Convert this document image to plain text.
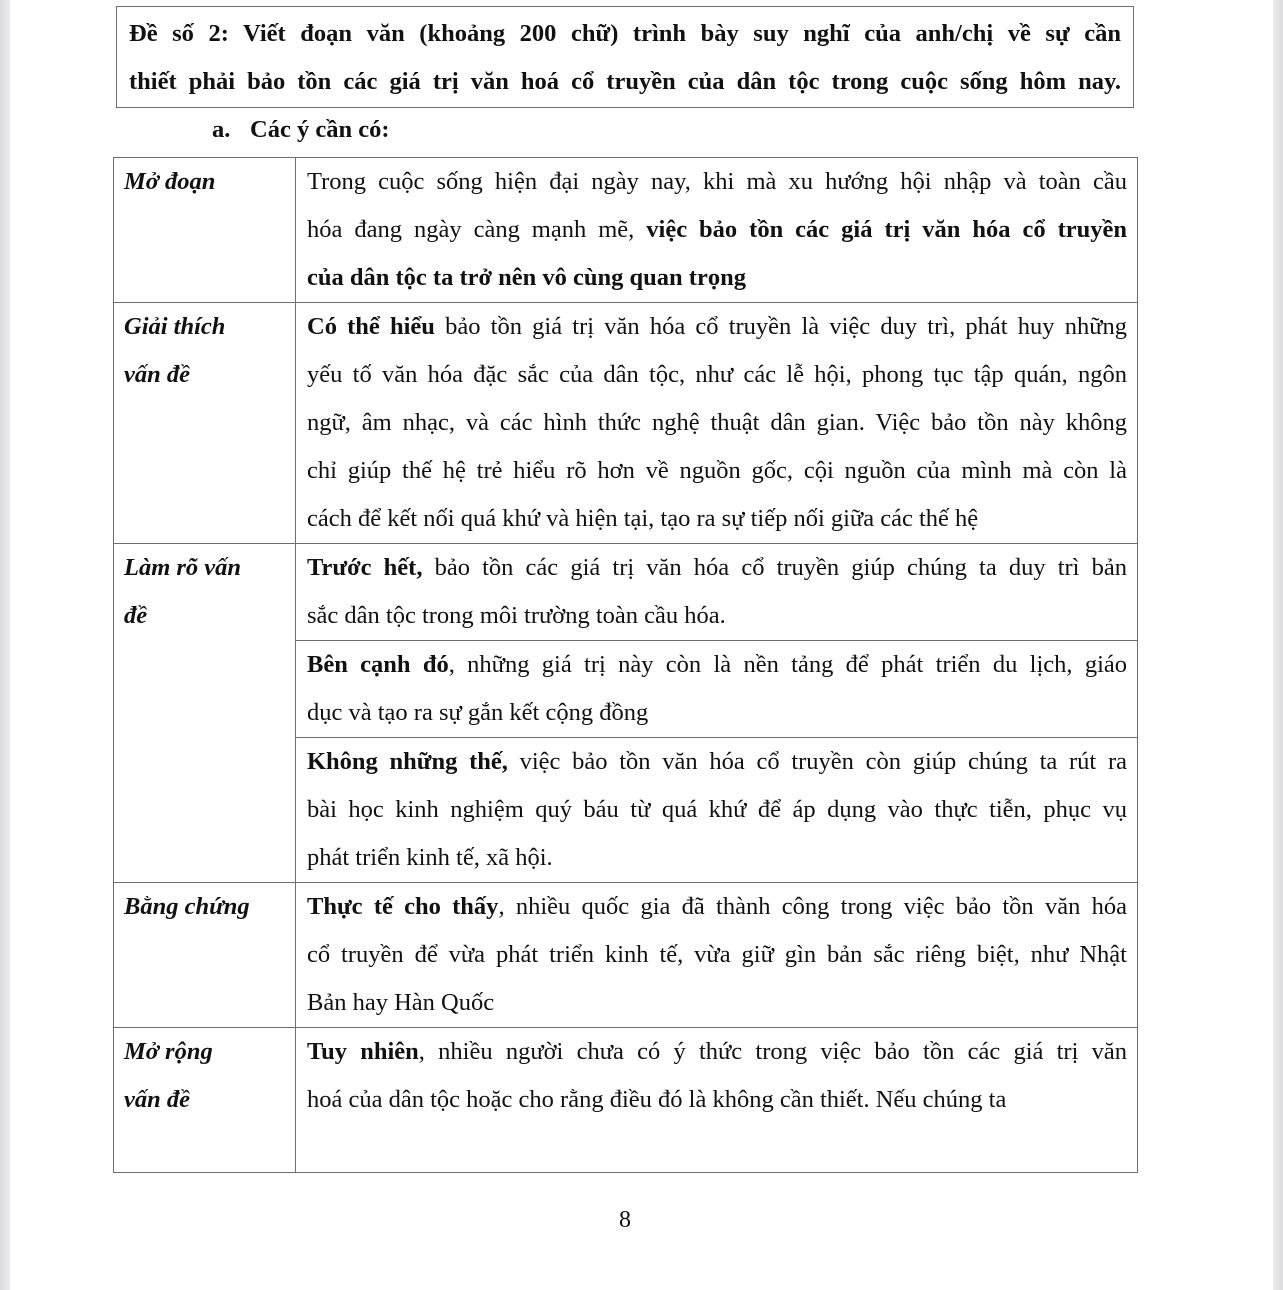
Đề số 2: Viết đoạn văn (khoảng 200 chữ) trình bày suy nghĩ của anh/chị về sự cần
thiết phải bảo tồn các giá trị văn hoá cổ truyền của dân tộc trong cuộc sống hôm nay.
a. Các ý cần có:
Mở đoạn	Trong cuộc sống hiện đại ngày nay, khi mà xu hướng hội nhập và toàn cầu
hóa đang ngày càng mạnh mẽ, việc bảo tồn các giá trị văn hóa cổ truyền
của dân tộc ta trở nên vô cùng quan trọng

Giải thích
vấn đề	Có thể hiểu bảo tồn giá trị văn hóa cổ truyền là việc duy trì, phát huy những
yếu tố văn hóa đặc sắc của dân tộc, như các lễ hội, phong tục tập quán, ngôn
ngữ, âm nhạc, và các hình thức nghệ thuật dân gian. Việc bảo tồn này không
chỉ giúp thế hệ trẻ hiểu rõ hơn về nguồn gốc, cội nguồn của mình mà còn là
cách để kết nối quá khứ và hiện tại, tạo ra sự tiếp nối giữa các thế hệ

Làm rõ vấn
đề	Trước hết, bảo tồn các giá trị văn hóa cổ truyền giúp chúng ta duy trì bản
sắc dân tộc trong môi trường toàn cầu hóa.

	Bên cạnh đó, những giá trị này còn là nền tảng để phát triển du lịch, giáo
dục và tạo ra sự gắn kết cộng đồng

	Không những thế, việc bảo tồn văn hóa cổ truyền còn giúp chúng ta rút ra
bài học kinh nghiệm quý báu từ quá khứ để áp dụng vào thực tiễn, phục vụ
phát triển kinh tế, xã hội.

Bằng chứng	Thực tế cho thấy, nhiều quốc gia đã thành công trong việc bảo tồn văn hóa
cổ truyền để vừa phát triển kinh tế, vừa giữ gìn bản sắc riêng biệt, như Nhật
Bản hay Hàn Quốc

Mở rộng
vấn đề	Tuy nhiên, nhiều người chưa có ý thức trong việc bảo tồn các giá trị văn
hoá của dân tộc hoặc cho rằng điều đó là không cần thiết. Nếu chúng ta

8
